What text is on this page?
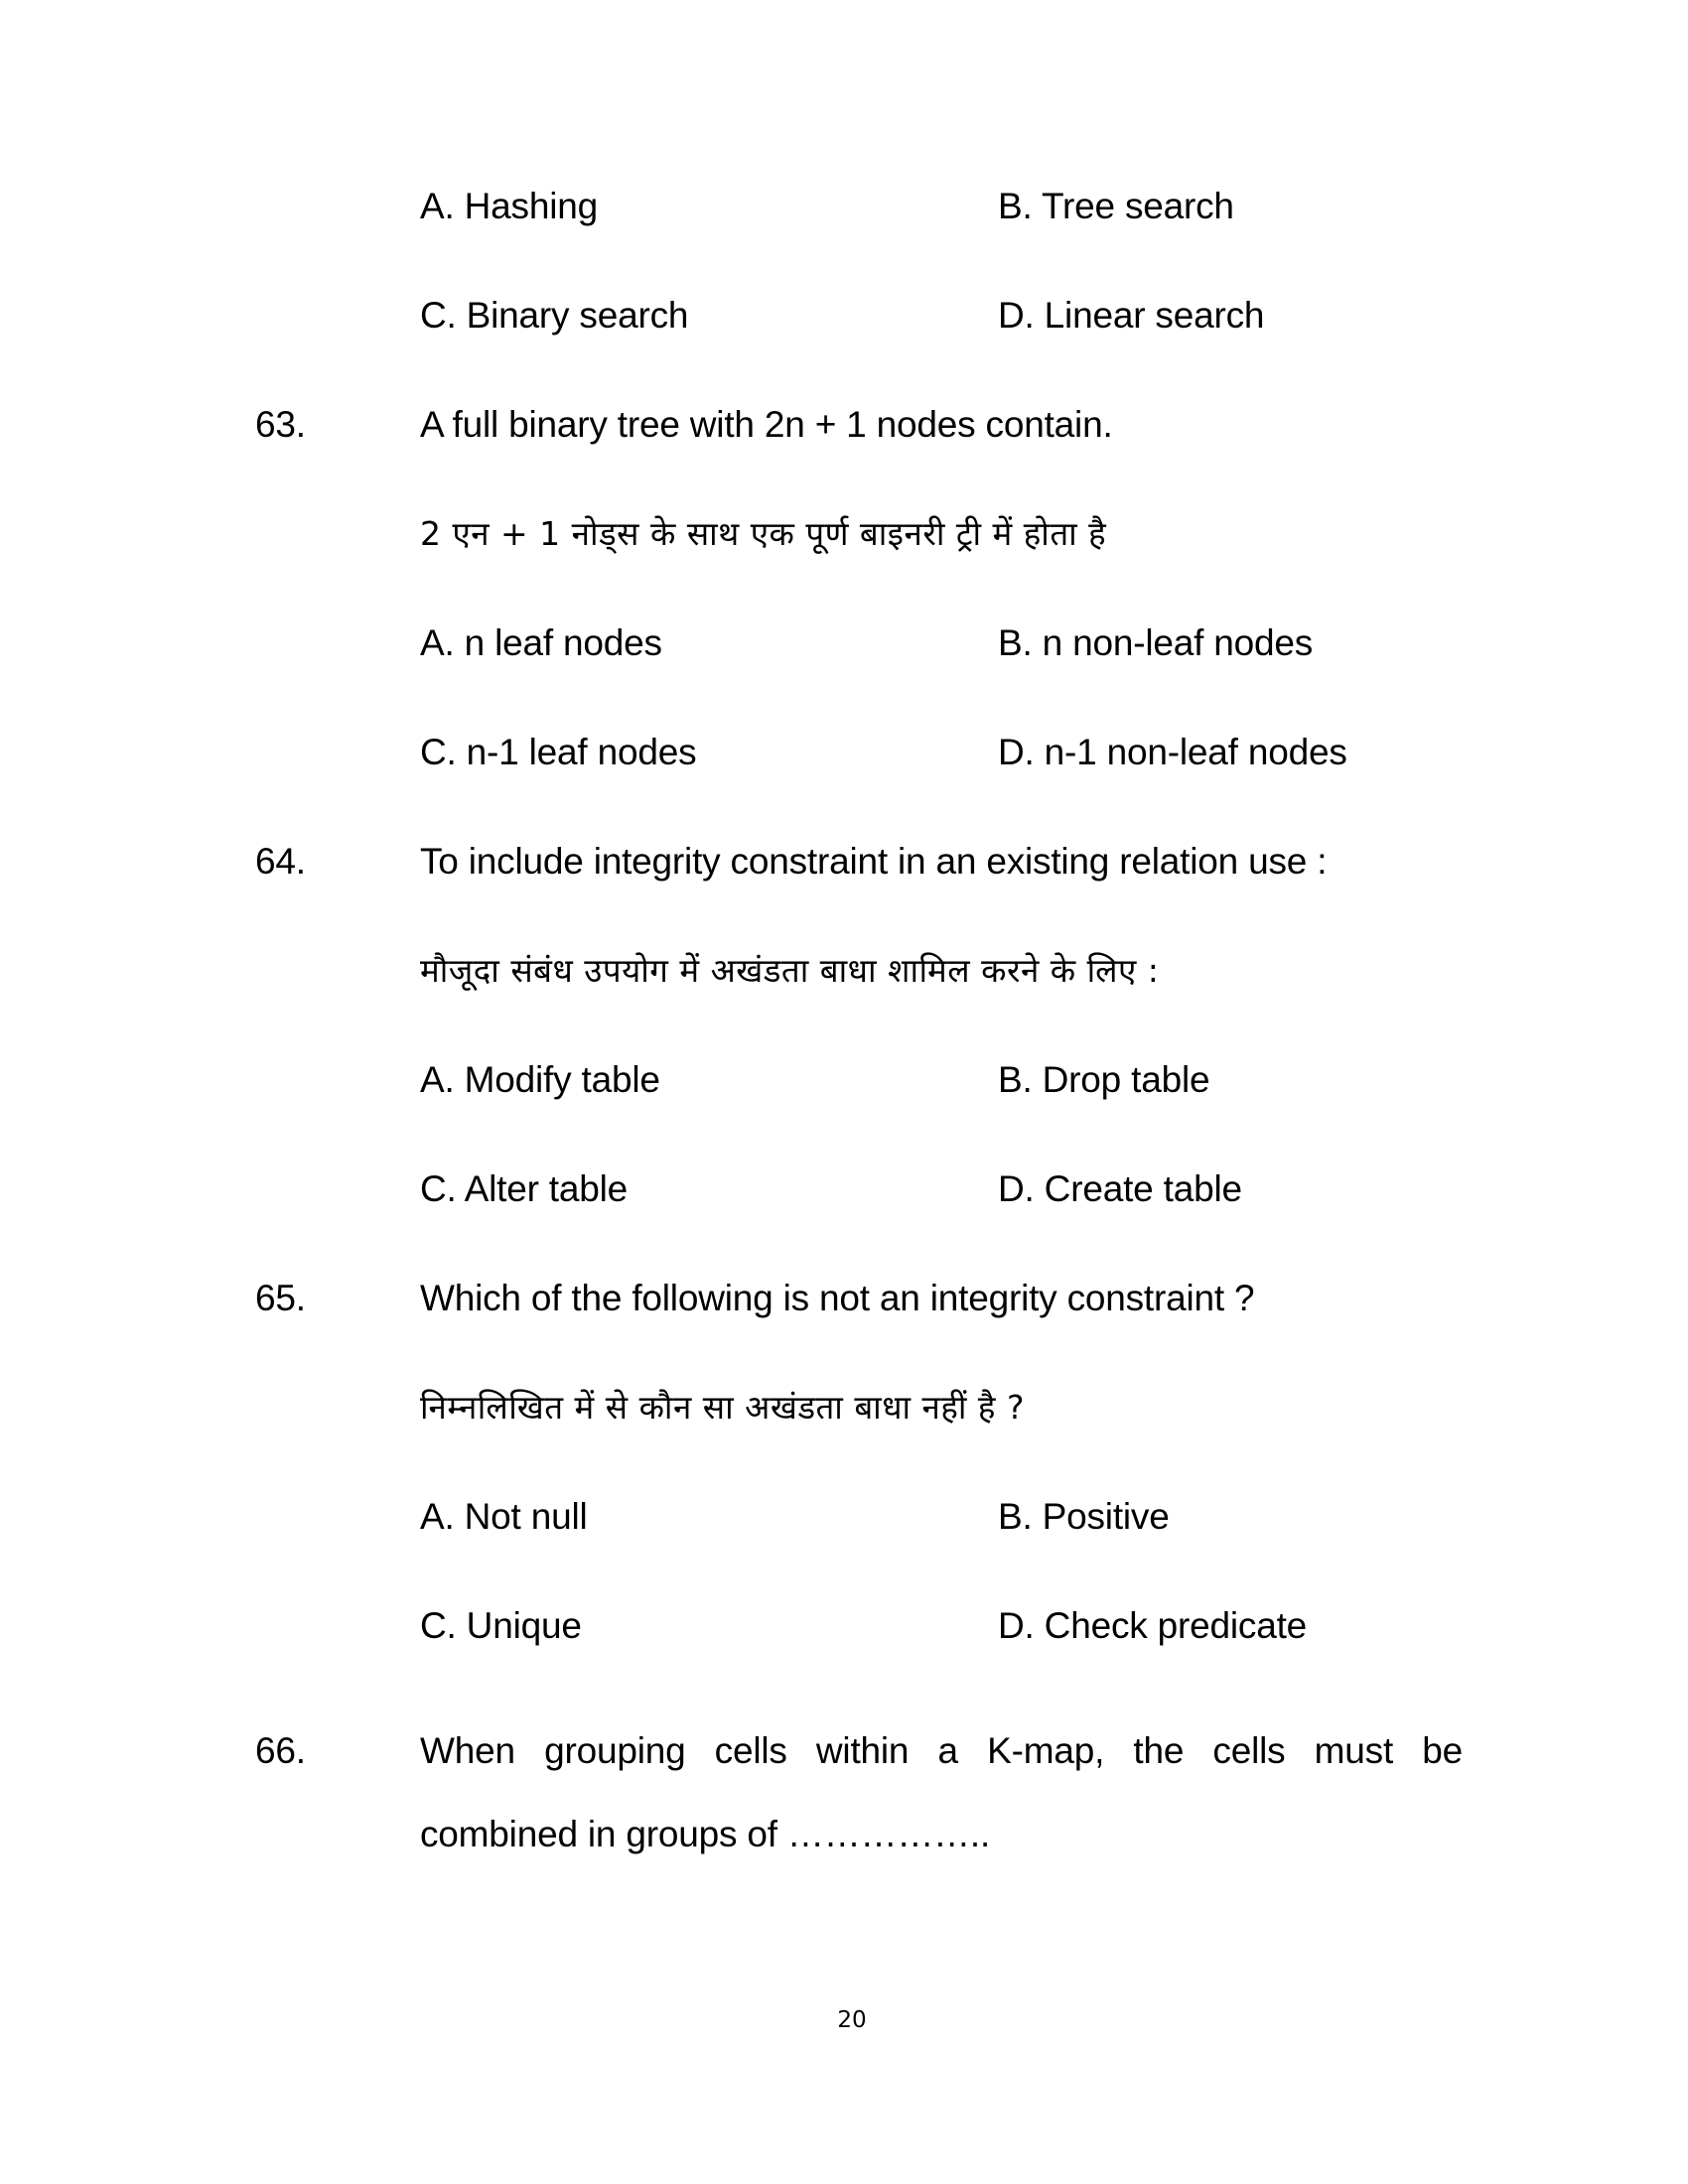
A. Hashing	B. Tree search
C. Binary search	D. Linear search
63.	A full binary tree with 2n + 1 nodes contain.
2 एन + 1 नोड्स के साथ एक पूर्ण बाइनरी ट्री में होता है
A. n leaf nodes	B. n non-leaf nodes
C. n-1 leaf nodes	D. n-1 non-leaf nodes
64.	To include integrity constraint in an existing relation use :
मौजूदा संबंध उपयोग में अखंडता बाधा शामिल करने के लिए :
A. Modify table	B. Drop table
C. Alter table	D. Create table
65.	Which of the following is not an integrity constraint ?
निम्नलिखित में से कौन सा अखंडता बाधा नहीं है ?
A. Not null	B. Positive
C. Unique	D. Check predicate
66.	When grouping cells within a K-map, the cells must be
combined in groups of ……………..
20
